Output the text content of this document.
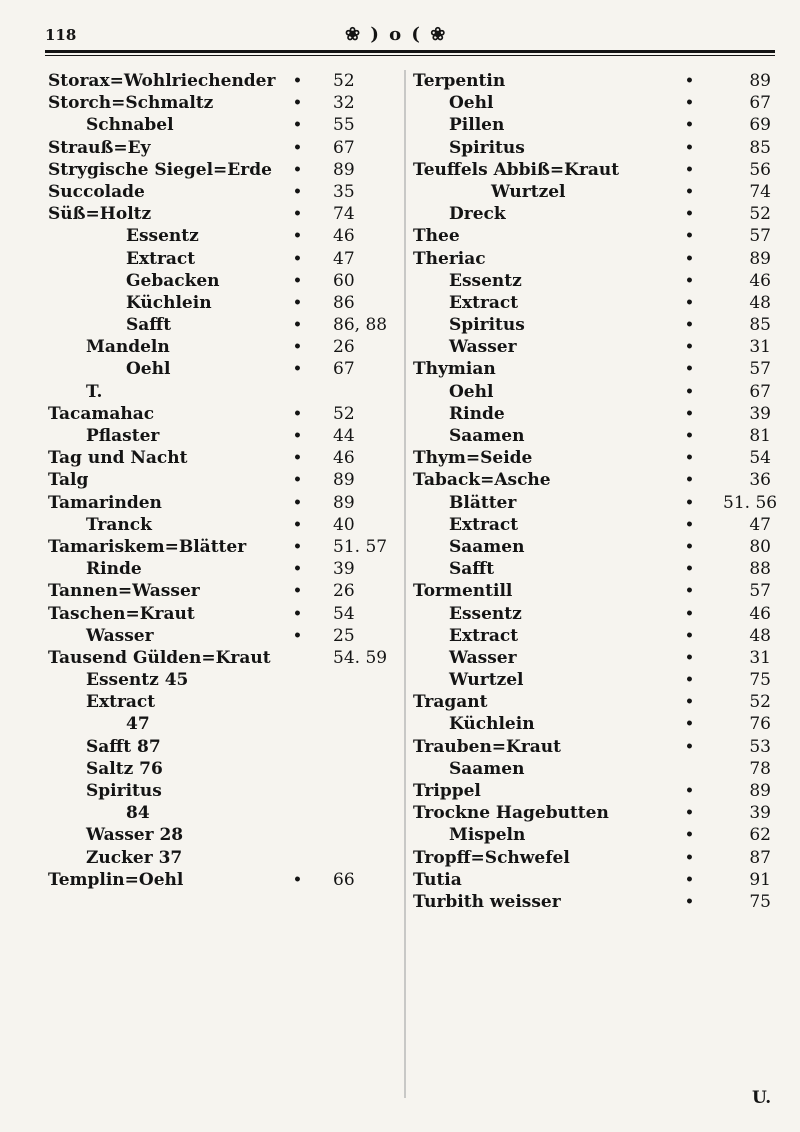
118	❀ ) o ( ❀
Storax=Wohlriechender • 52
Storch=Schmaltz	• 32
Schnabel	• 55
Strauß=Ey	• 67
Strygische Siegel=Erde • 89
Succolade	• 35
Süß=Holtz	• 74
Essentz	• 46
Extract	• 47
Gebacken	• 60
Küchlein	• 86
Safft	• 86, 88
Mandeln	• 26
Oehl	• 67
T.
Tacamahac	• 52
Pflaster	• 44
Tag und Nacht	• 46
Talg	• 89
Tamarinden	• 89
Tranck	• 40
Tamariskem=Blätter	• 51. 57
Rinde	• 39
Tannen=Wasser	• 26
Taschen=Kraut	• 54
Wasser	• 25
Tausend Gülden=Kraut	54. 59
Essentz 45
Extract
47
Safft 87
Saltz 76
Spiritus
84
Wasser 28
Zucker 37
Templin=Oehl	• 66
Terpentin	•	89
Oehl	•	67
Pillen	•	69
Spiritus	•	85
Teuffels Abbiß=Kraut	•	56
Wurtzel	•	74
Dreck	•	52
Thee	•	57
Theriac	•	89
Essentz	•	46
Extract	•	48
Spiritus	•	85
Wasser	•	31
Thymian	•	57
Oehl	•	67
Rinde	•	39
Saamen	•	81
Thym=Seide	•	54
Taback=Asche	•	36
Blätter	• 51. 56
Extract	•	47
Saamen	•	80
Safft	•	88
Tormentill	•	57
Essentz	•	46
Extract	•	48
Wasser	•	31
Wurtzel	•	75
Tragant	•	52
Küchlein	•	76
Trauben=Kraut	•	53
Saamen	78
Trippel	•	89
Trockne Hagebutten	•	39
Mispeln	•	62
Tropff=Schwefel	•	87
Tutia	•	91
Turbith weisser	•	75
U.
